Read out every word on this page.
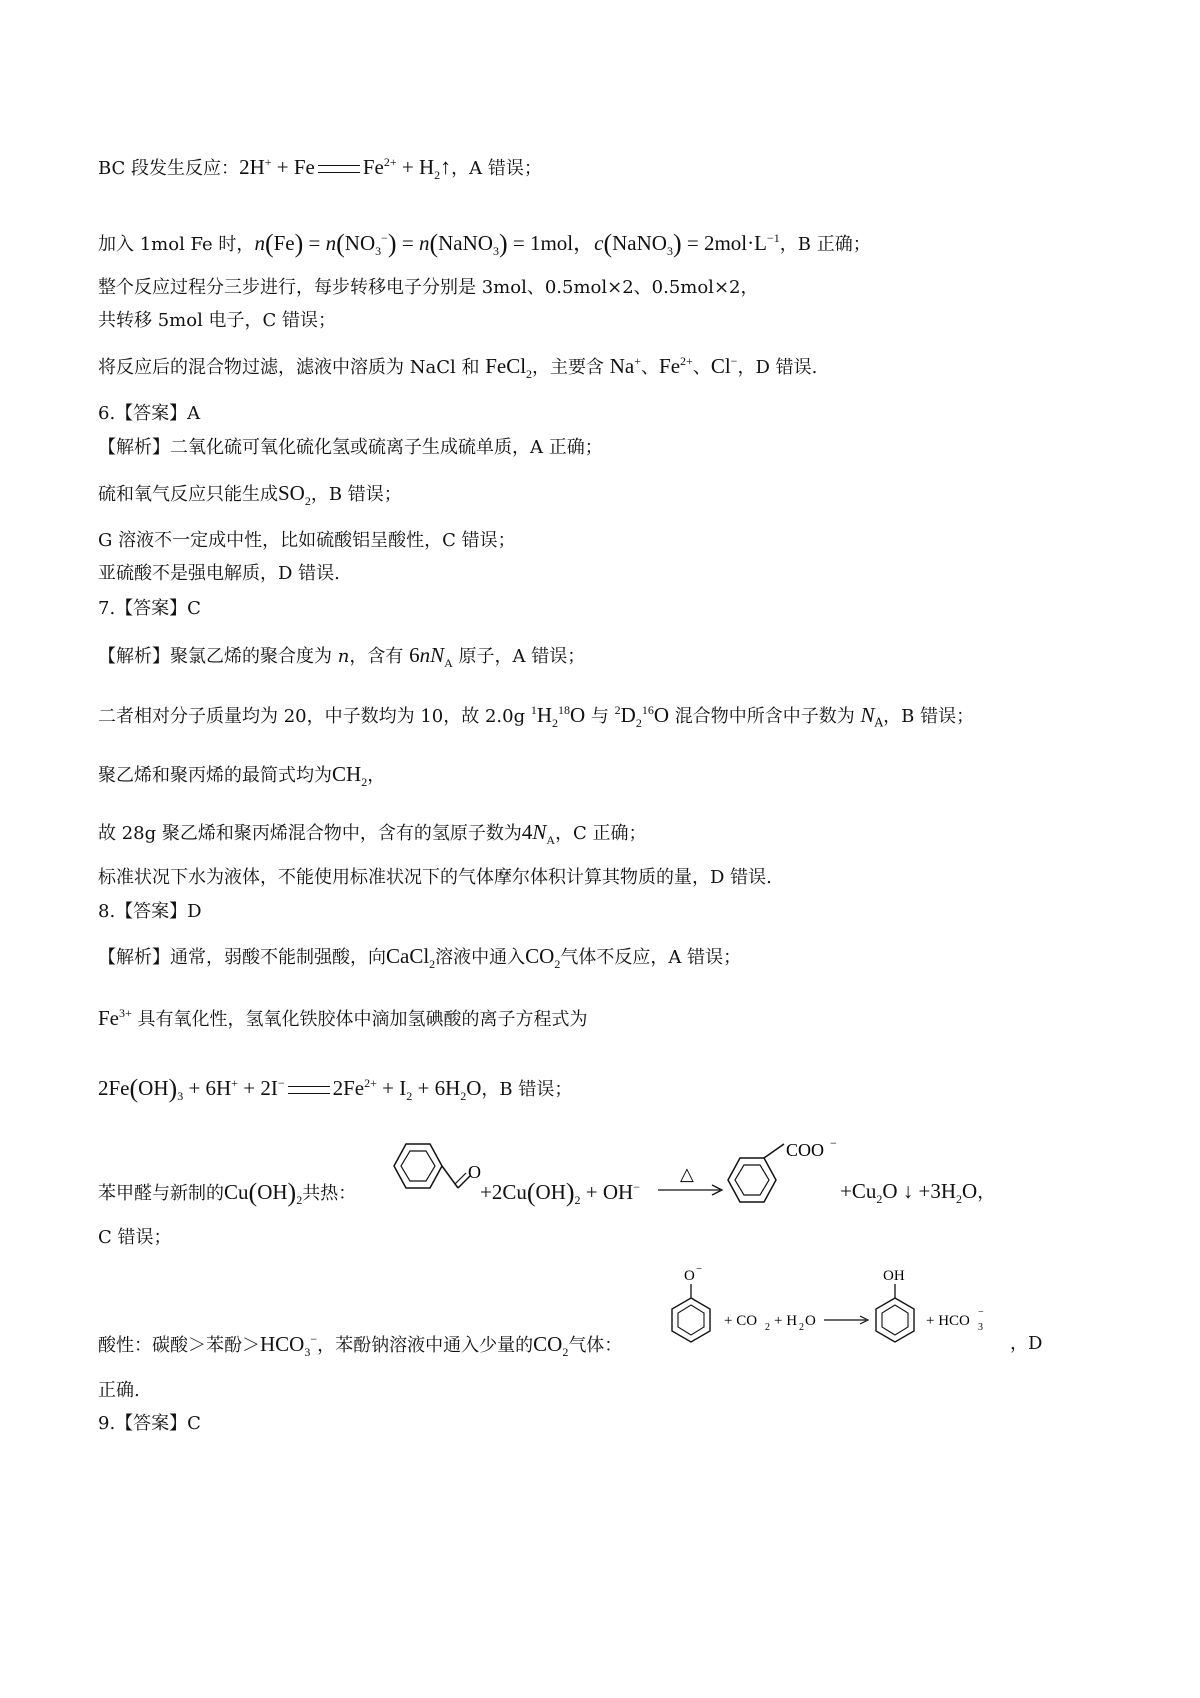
BC 段发生反应：2H+ + Fe $Fe^{2+}$ + $H_2↑$，A 错误；
加入 1mol Fe 时，$n(Fe) = n(NO_3^-)$ = n(NaNO$_3$) = 1mol，c(NaNO$_3$) = $2mol\cdot L^{-1}$，B 正确；
整个反应过程分三步进行，每步转移电子分别是 3mol、0.5mol×2、0.5mol×2，
共转移 5mol 电子，C 错误；
将反应后的混合物过滤，滤液中溶质为 NaCl 和 FeCl$_2$，主要含 Na+、$Fe^{2+}$、Cl−，D 错误.
6.【答案】A
【解析】二氧化硫可氧化硫化氢或硫离子生成硫单质，A 正确；
硫和氧气反应只能生成$SO_2$，B 错误；
G 溶液不一定成中性，比如硫酸铝呈酸性，C 错误；
亚硫酸不是强电解质，D 错误.
7.【答案】C
【解析】聚氯乙烯的聚合度为 n，含有 $6nN_A$ 原子，A 错误；
二者相对分子质量均为 20，中子数均为 10，故 2.0g $^1H_2^{18}O$ 与 $^2D_2^{16}O$ 混合物中所含中子数为 $N_A$，B 错误；
聚乙烯和聚丙烯的最简式均为$CH_2$，
故 28g 聚乙烯和聚丙烯混合物中，含有的氢原子数为$4N_A$，C 正确；
标准状况下水为液体，不能使用标准状况下的气体摩尔体积计算其物质的量，D 错误.
8.【答案】D
【解析】通常，弱酸不能制强酸，向CaCl$_2$溶液中通入$CO_2$气体不反应，A 错误；
$Fe^{3+}$ 具有氧化性，氢氧化铁胶体中滴加氢碘酸的离子方程式为
$2Fe(OH)_3 + 6H^+ + 2I^-$ $2Fe^{2+} + I_2 + 6H_2O$，B 错误；
苯甲醛与新制的$Cu(OH)_2$共热：
O
$+2Cu(OH)_2 + OH^-$
△
COO −
$+Cu_2O$ ↓ $+3H_2O$，
C 错误；
酸性：碳酸＞苯酚$>HCO_3^-$，苯酚钠溶液中通入少量的$CO_2$气体：
O −
+ CO 2 + H 2 O
OH
+ HCO 3
−
，D
正确.
9.【答案】C
